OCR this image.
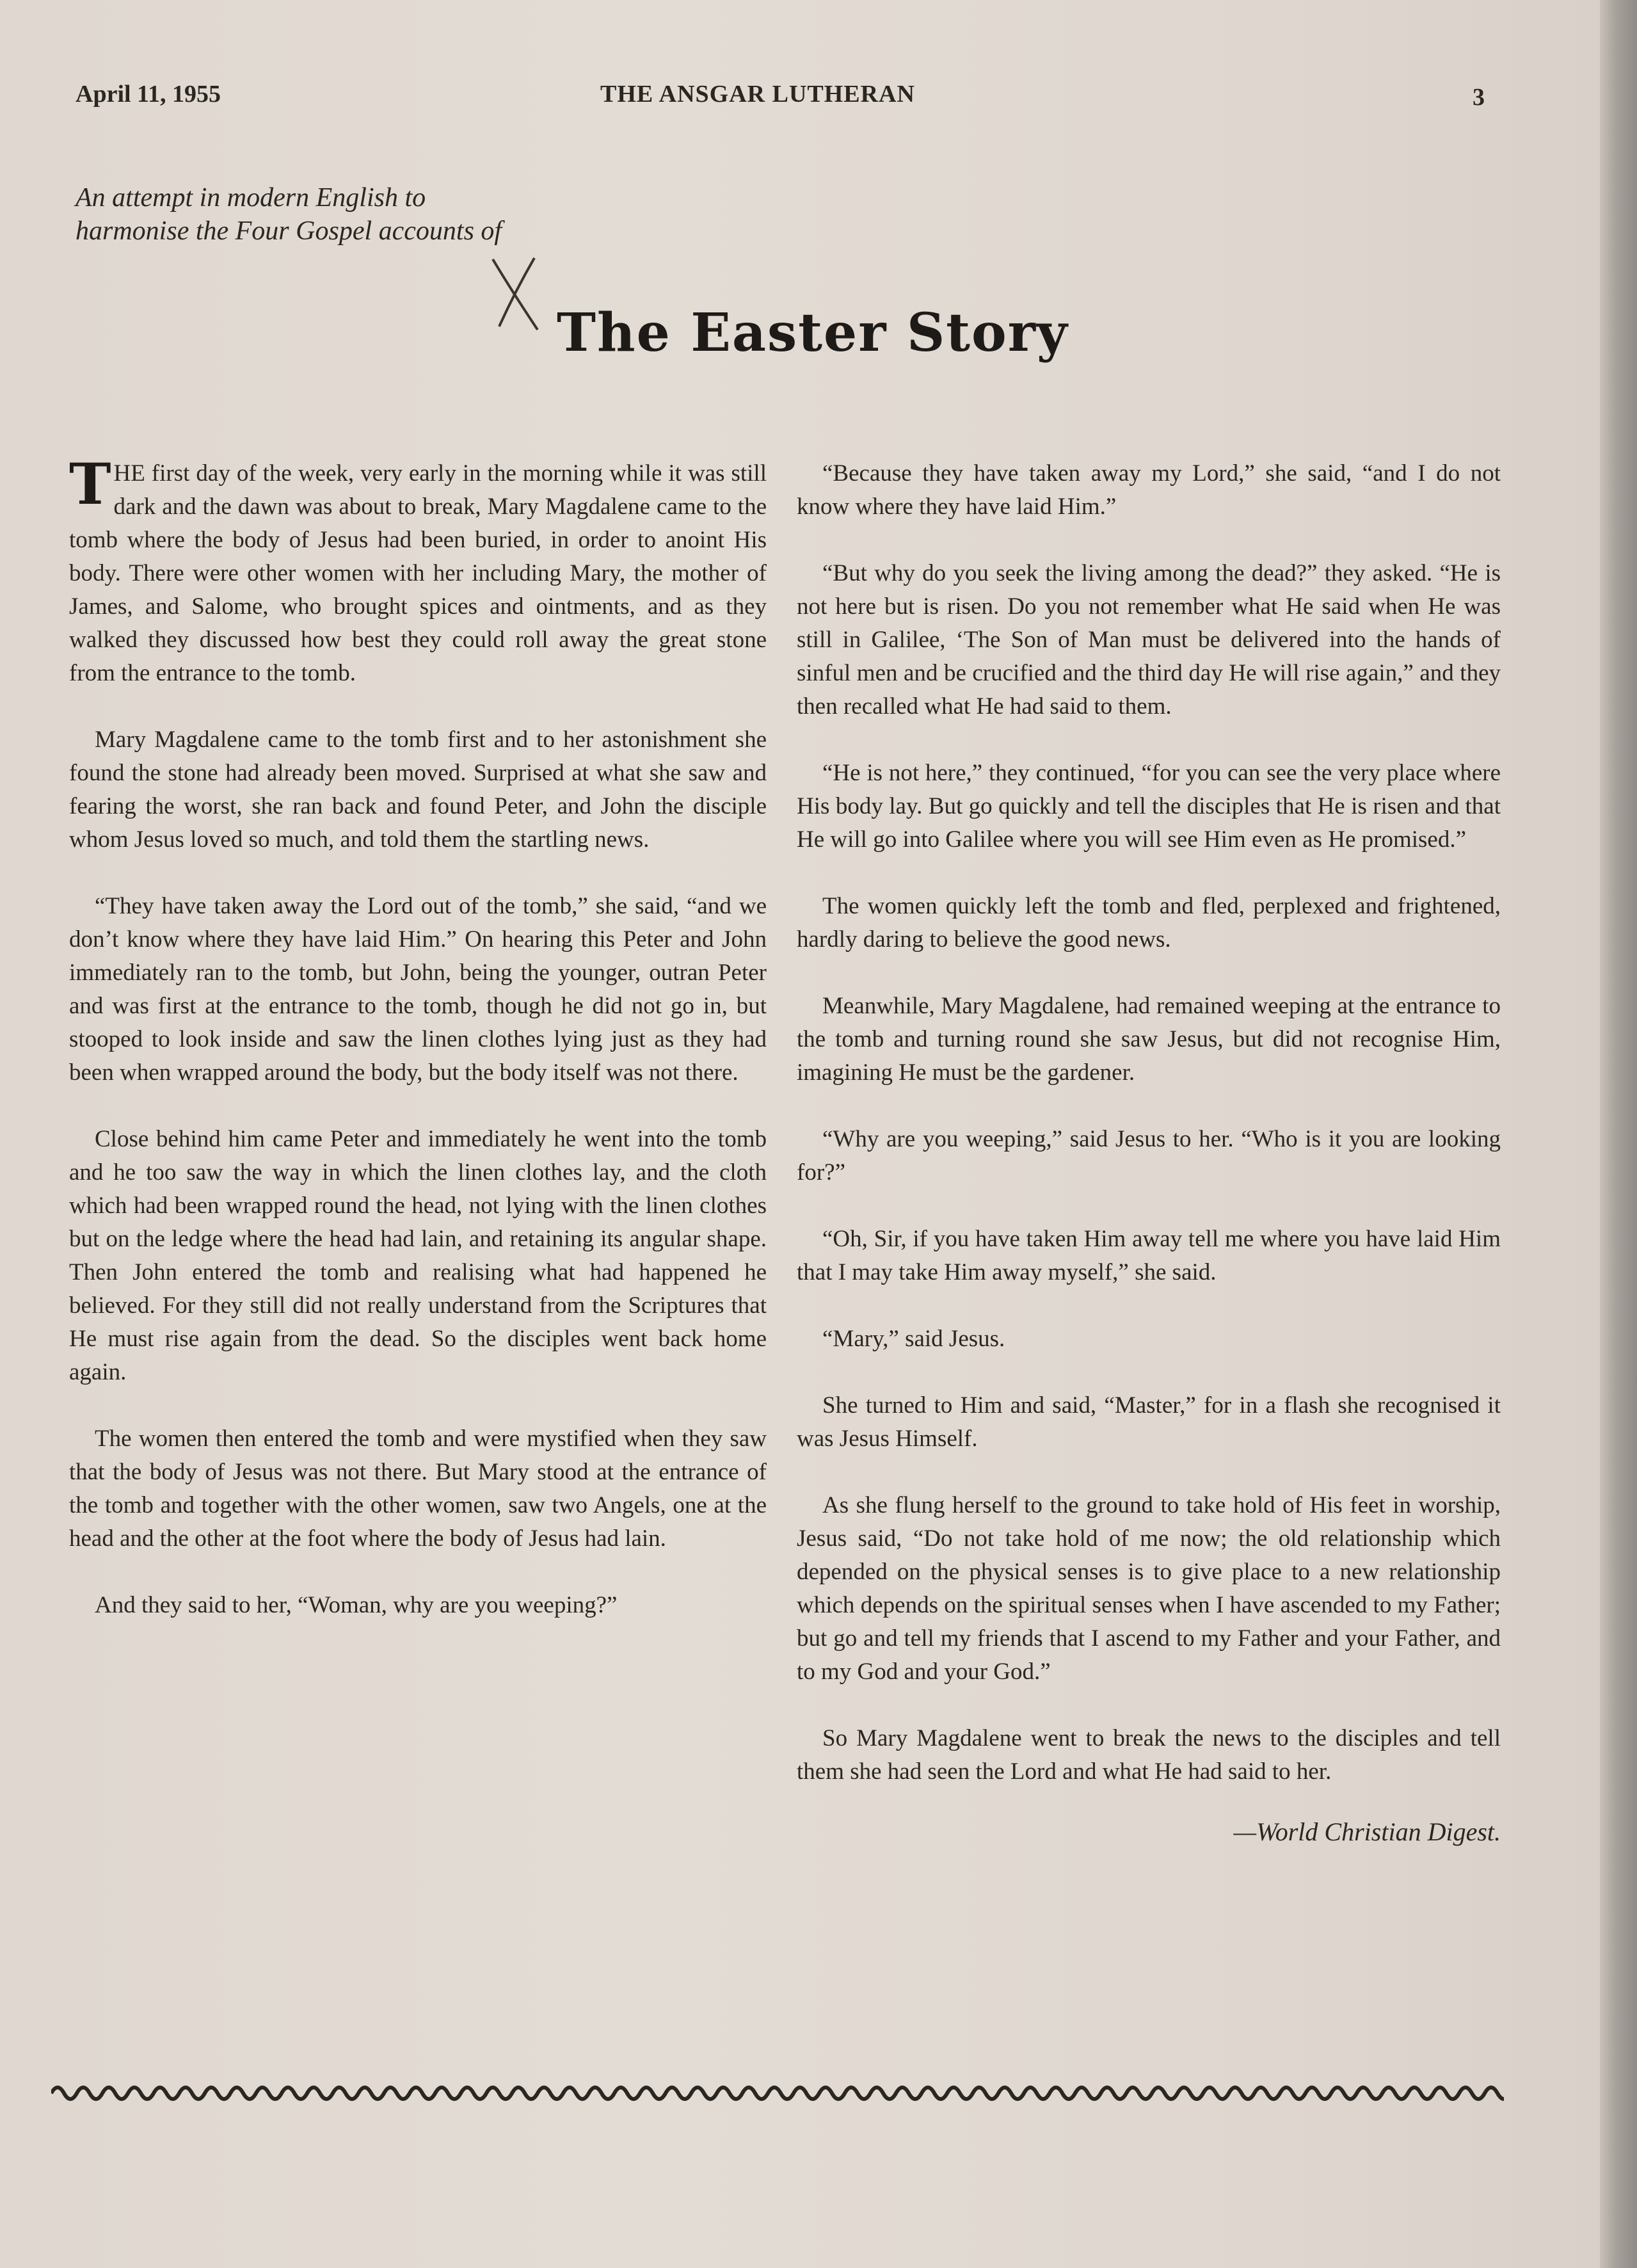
April 11, 1955	THE ANSGAR LUTHERAN	3
An attempt in modern English to
harmonise the Four Gospel accounts of
The Easter Story

THE first day of the week, very early in the morning while it was still dark and the dawn was about to break, Mary Magdalene came to the tomb where the body of Jesus had been buried, in order to anoint His body. There were other women with her including Mary, the mother of James, and Salome, who brought spices and ointments, and as they walked they discussed how best they could roll away the great stone from the entrance to the tomb.

Mary Magdalene came to the tomb first and to her astonishment she found the stone had already been moved. Surprised at what she saw and fearing the worst, she ran back and found Peter, and John the disciple whom Jesus loved so much, and told them the startling news.

“They have taken away the Lord out of the tomb,” she said, “and we don’t know where they have laid Him.” On hearing this Peter and John immediately ran to the tomb, but John, being the younger, outran Peter and was first at the entrance to the tomb, though he did not go in, but stooped to look inside and saw the linen clothes lying just as they had been when wrapped around the body, but the body itself was not there.

Close behind him came Peter and immediately he went into the tomb and he too saw the way in which the linen clothes lay, and the cloth which had been wrapped round the head, not lying with the linen clothes but on the ledge where the head had lain, and retaining its angular shape. Then John entered the tomb and realising what had happened he believed. For they still did not really understand from the Scriptures that He must rise again from the dead. So the disciples went back home again.

The women then entered the tomb and were mystified when they saw that the body of Jesus was not there. But Mary stood at the entrance of the tomb and together with the other women, saw two Angels, one at the head and the other at the foot where the body of Jesus had lain.

And they said to her, “Woman, why are you weeping?”

“Because they have taken away my Lord,” she said, “and I do not know where they have laid Him.”

“But why do you seek the living among the dead?” they asked. “He is not here but is risen. Do you not remember what He said when He was still in Galilee, ‘The Son of Man must be delivered into the hands of sinful men and be crucified and the third day He will rise again,” and they then recalled what He had said to them.

“He is not here,” they continued, “for you can see the very place where His body lay. But go quickly and tell the disciples that He is risen and that He will go into Galilee where you will see Him even as He promised.”

The women quickly left the tomb and fled, perplexed and frightened, hardly daring to believe the good news.

Meanwhile, Mary Magdalene, had remained weeping at the entrance to the tomb and turning round she saw Jesus, but did not recognise Him, imagining He must be the gardener.

“Why are you weeping,” said Jesus to her. “Who is it you are looking for?”

“Oh, Sir, if you have taken Him away tell me where you have laid Him that I may take Him away myself,” she said.

“Mary,” said Jesus.

She turned to Him and said, “Master,” for in a flash she recognised it was Jesus Himself.

As she flung herself to the ground to take hold of His feet in worship, Jesus said, “Do not take hold of me now; the old relationship which depended on the physical senses is to give place to a new relationship which depends on the spiritual senses when I have ascended to my Father; but go and tell my friends that I ascend to my Father and your Father, and to my God and your God.”

So Mary Magdalene went to break the news to the disciples and tell them she had seen the Lord and what He had said to her.

—World Christian Digest.
